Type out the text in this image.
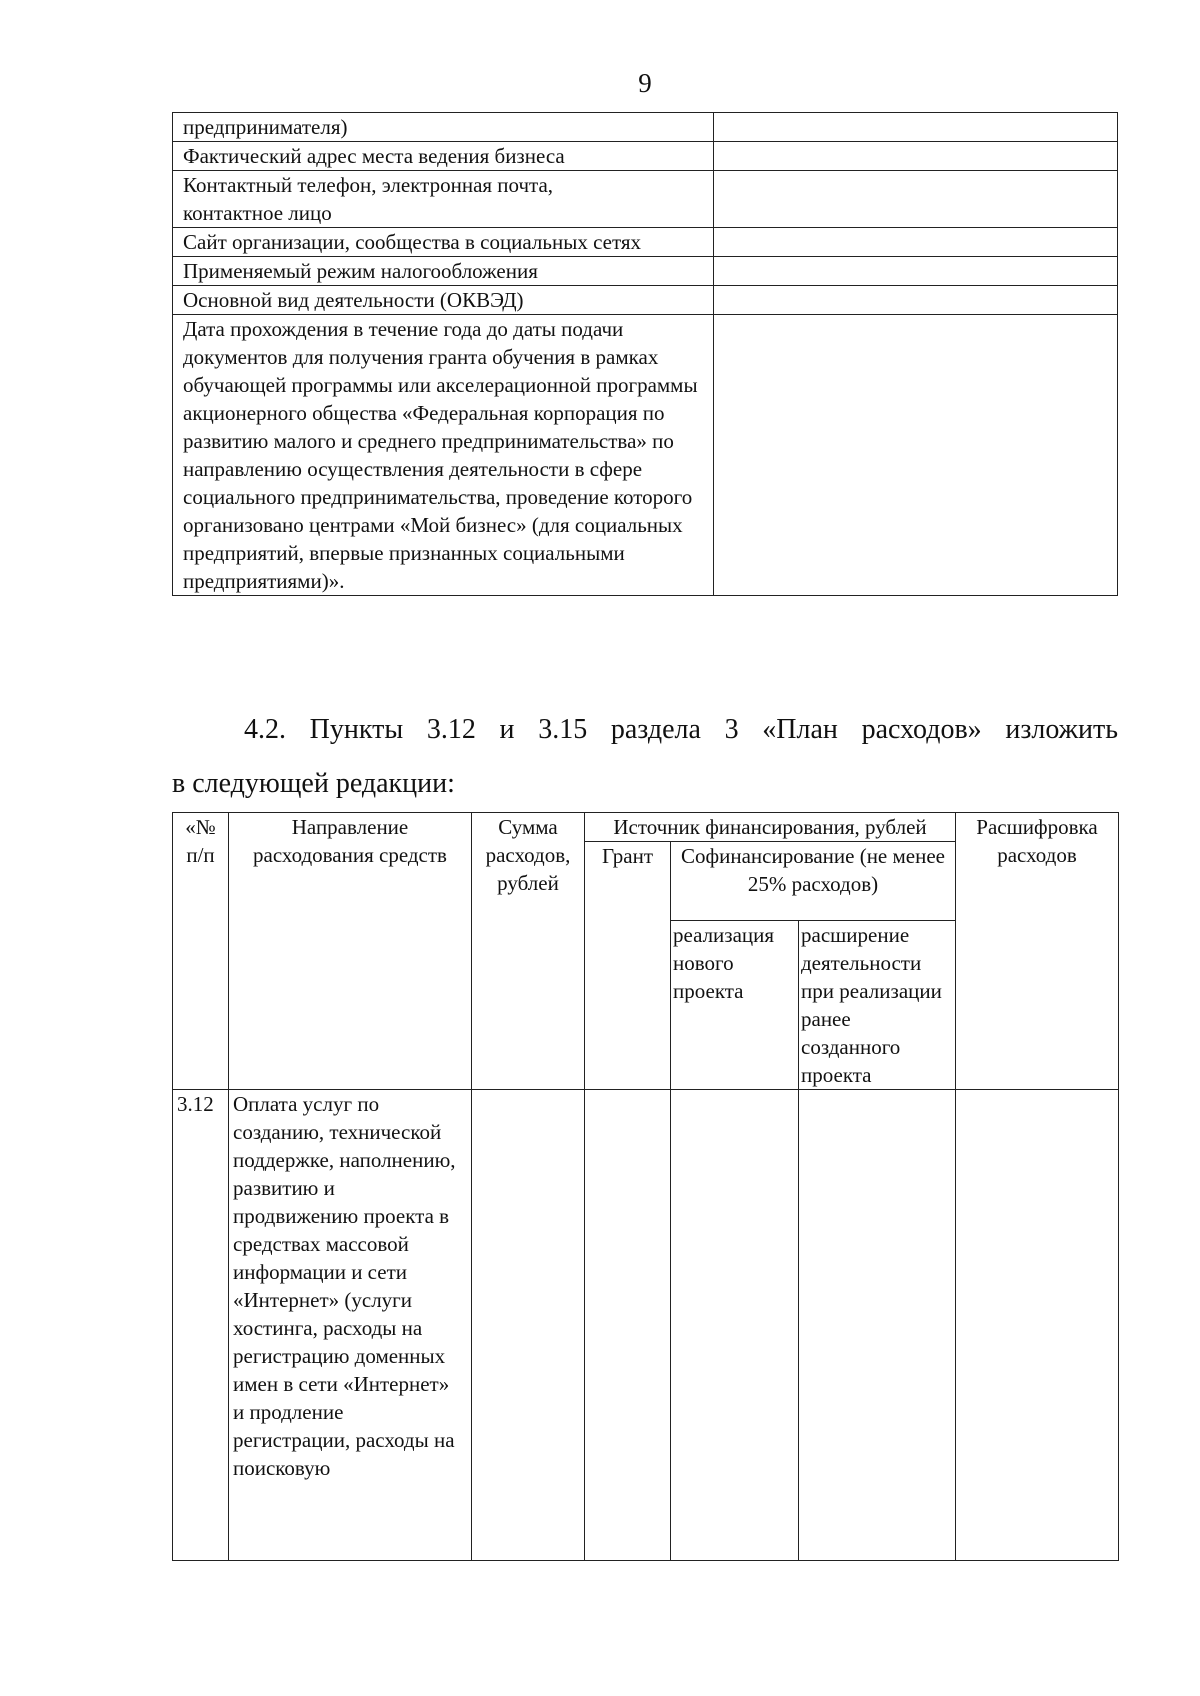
9
предпринимателя)	
Фактический адрес места ведения бизнеса	
Контактный телефон, электронная почта, контактное лицо	
Сайт организации, сообщества в социальных сетях	
Применяемый режим налогообложения	
Основной вид деятельности (ОКВЭД)	
Дата прохождения в течение года до даты подачи документов для получения гранта обучения в рамках обучающей программы или акселерационной программы акционерного общества «Федеральная корпорация по развитию малого и среднего предпринимательства» по направлению осуществления деятельности в сфере социального предпринимательства, проведение которого организовано центрами «Мой бизнес» (для социальных предприятий, впервые признанных социальными предприятиями)».	
4.2. Пункты 3.12 и 3.15 раздела 3 «План расходов» изложить
в следующей редакции:
«№ п/п	Направление расходования средств	Сумма расходов, рублей	Источник финансирования, рублей			Расшифровка расходов
			Грант	Софинансирование (не менее 25% расходов)		
				реализация нового проекта	расширение деятельности при реализации ранее созданного проекта	
3.12	Оплата услуг по созданию, технической поддержке, наполнению, развитию и продвижению проекта в средствах массовой информации и сети «Интернет» (услуги хостинга, расходы на регистрацию доменных имен в сети «Интернет» и продление регистрации, расходы на поисковую					
